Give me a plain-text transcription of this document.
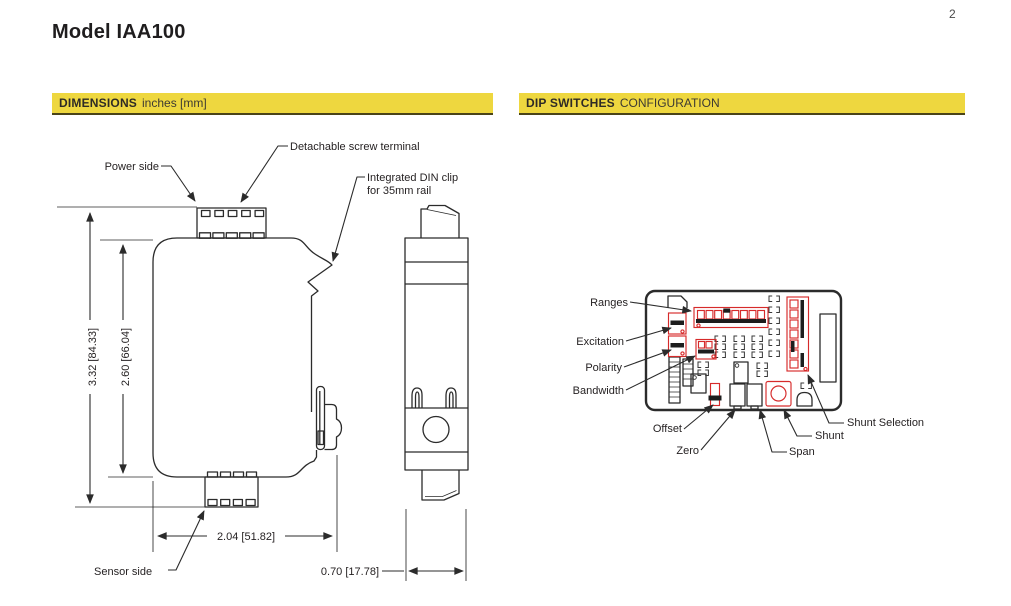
Model IAA100
2
DIMENSIONS inches [mm]	DIP SWITCHES CONFIGURATION
Power side
Detachable screw terminal
Integrated DIN clip
for 35mm rail
Sensor side
3.32 [84.33] 2.60 [66.04]
2.04 [51.82]
0.70 [17.78]
Ranges
Excitation
Polarity
Bandwidth
Offset
Zero	Span
Shunt
Shunt Selection
